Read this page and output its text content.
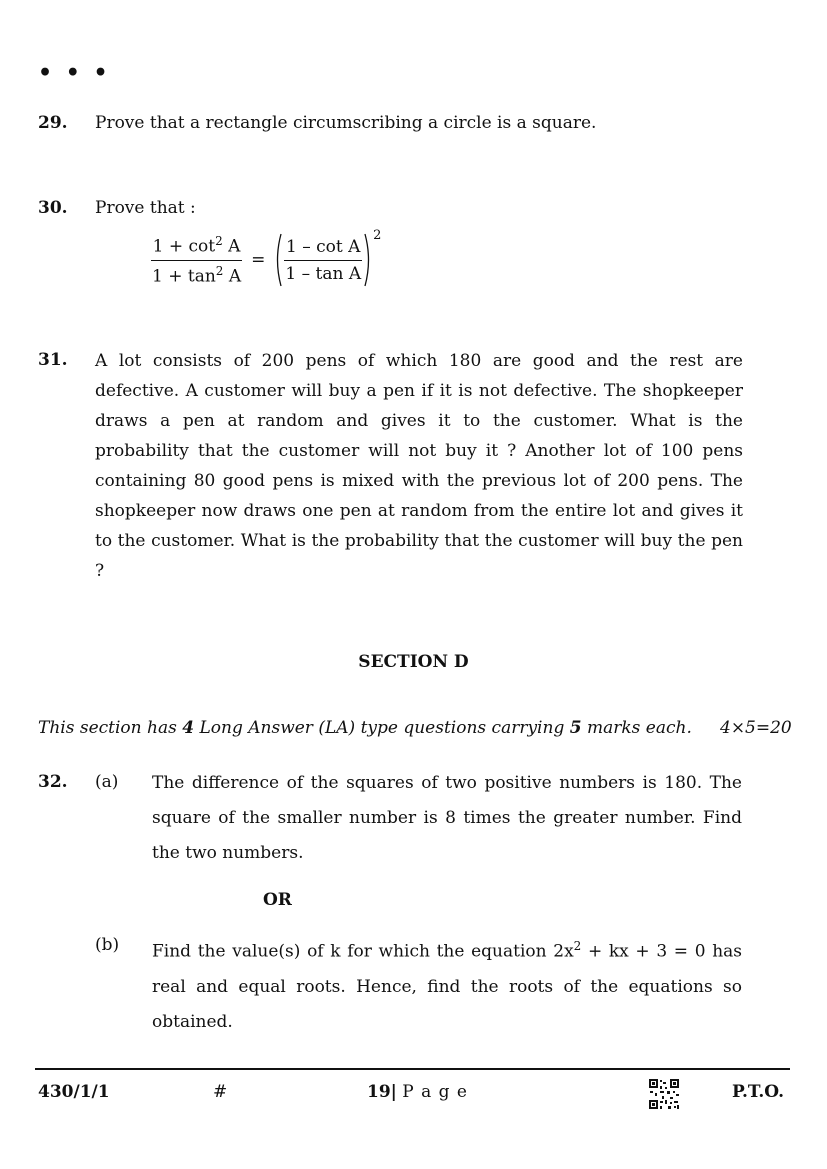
• • •
29. Prove that a rectangle circumscribing a circle is a square.
30. Prove that :
$\frac{1 + \cot^2 A}{1 + \tan^2 A} = \frac{\text{1 – cot A}}{\text{1 – tan A}}$
$^2$
31. A lot consists of 200 pens of which 180 are good and the rest are defective. A customer will buy a pen if it is not defective. The shopkeeper draws a pen at random and gives it to the customer. What is the probability that the customer will not buy it ? Another lot of 100 pens containing 80 good pens is mixed with the previous lot of 200 pens. The shopkeeper now draws one pen at random from the entire lot and gives it to the customer. What is the probability that the customer will buy the pen ?
SECTION D
This section has 4 Long Answer (LA) type questions carrying 5 marks each. 4×5=20
32. (a) The difference of the squares of two positive numbers is 180. The square of the smaller number is 8 times the greater number. Find the two numbers.
OR
(b) Find the value(s) of k for which the equation $2x^2$ + kx + 3 = 0 has real and equal roots. Hence, find the roots of the equations so obtained.
430/1/1	#	19| P a g e	P.T.O.
